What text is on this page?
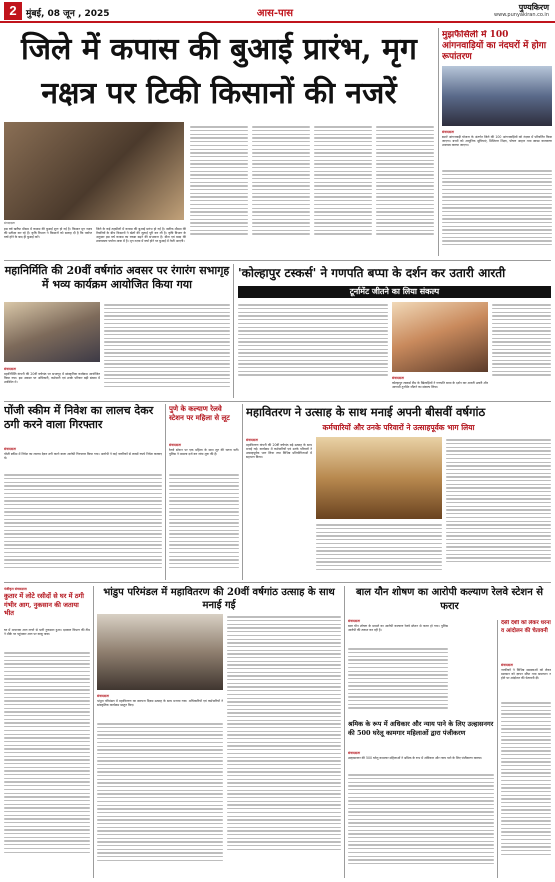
2	मुंबई, 08 जून , 2025	आस-पास
पुण्यकिरण
www.punyakiran.co.in
जिले में कपास की बुआई प्रारंभ, मृग
नक्षत्र पर टिकी किसानों की नजरें
संवाददाता
इस वर्ष खरीफ मौसम में कपास की बुआई शुरू हो गई है। किसान मृग नक्षत्र की प्रतीक्षा कर रहे हैं। कृषि विभाग ने किसानों को सलाह दी है कि पर्याप्त वर्षा होने के बाद ही बुआई करें।
जिले के कई तहसीलों में कपास की बुआई प्रारंभ हो गई है। खरीफ मौसम की तैयारियों के बीच किसानों ने खेतों की जुताई पूरी कर ली है। कृषि विभाग के अनुसार इस वर्ष कपास का रकबा बढ़ने की संभावना है। बीज एवं खाद की उपलब्धता पर्याप्त मात्रा में है। मृग नक्षत्र में वर्षा होने पर बुआई में तेजी आएगी।
मुझफैसिली में 100 आंगनवाड़ियों का नंदघरों में होगा रूपांतरण
संवाददाता
स्मार्ट आंगनवाड़ी योजना के अंतर्गत जिले की 100 आंगनवाड़ियों को नंदघर में परिवर्तित किया जाएगा। बच्चों को आधुनिक सुविधाएं, डिजिटल शिक्षा, पोषण आहार तथा स्वच्छ वातावरण उपलब्ध कराया जाएगा।
महानिर्मिति की 20वीं वर्षगांठ अवसर पर रंगारंग सभागृह में भव्य कार्यक्रम आयोजित किया गया
संवाददाता
महानिर्मिति कंपनी की 20वीं वर्षगांठ पर सभागृह में सांस्कृतिक कार्यक्रम आयोजित किया गया। इस अवसर पर अधिकारी, कर्मचारी एवं उनके परिवार बड़ी संख्या में उपस्थित थे।
'कोल्हापुर टस्कर्स' ने गणपति बप्पा के दर्शन कर उतारी आरती
टूर्नामेंट जीतने का लिया संकल्प
संवाददाता
कोल्हापुर टस्कर्स टीम के खिलाड़ियों ने गणपति बप्पा के दर्शन कर आरती उतारी और आगामी टूर्नामेंट जीतने का संकल्प लिया।
पोंजी स्कीम में निवेश का लालच देकर ठगी करने वाला गिरफ्तार
संवाददाता
पोंजी स्कीम में निवेश का लालच देकर ठगी करने वाला आरोपी गिरफ्तार किया गया। आरोपी ने कई नागरिकों से लाखों रुपये निवेश करवाए थे।
पुणे के कल्याण रेलवे स्टेशन पर महिला से लूट
संवाददाता
रेलवे स्टेशन पर एक महिला के साथ लूट की घटना घटी। पुलिस ने मामला दर्ज कर जांच शुरू की है।
महावितरण ने उत्साह के साथ मनाई अपनी बीसवीं वर्षगांठ
कर्मचारियों और उनके परिवारों ने उत्साहपूर्वक भाग लिया
संवाददाता
महावितरण कंपनी की 20वीं वर्षगांठ बड़े उत्साह के साथ मनाई गई। कार्यक्रम में कर्मचारियों एवं उनके परिवारों ने उत्साहपूर्वक भाग लिया तथा विभिन्न प्रतियोगिताओं में सहभाग किया।
पंजीकृत संवाददाता
कुतार में लोटे रसीदों से घर में ठगी गंभीर आग, नुकसान की जताया भीत
घर में अचानक आग लगने से भारी नुकसान हुआ। दमकल विभाग की टीम ने मौके पर पहुंचकर आग पर काबू पाया।
भांडुप परिमंडल में महावितरण की 20वीं वर्षगांठ उत्साह के साथ मनाई गई
संवाददाता
भांडुप परिमंडल में महावितरण का स्थापना दिवस उत्साह के साथ मनाया गया। अधिकारियों एवं कर्मचारियों ने सांस्कृतिक कार्यक्रम प्रस्तुत किए।
बाल यौन शोषण का आरोपी कल्याण रेलवे स्टेशन से फरार
संवाददाता
बाल यौन शोषण के मामले का आरोपी कल्याण रेलवे स्टेशन से फरार हो गया। पुलिस आरोपी की तलाश कर रही है।
श्रमिक के रूप में अधिकार और न्याय पाने के लिए उल्हासनगर की 500 घरेलू कामगार महिलाओं द्वारा पंजीकरण
संवाददाता
उल्हासनगर की 500 घरेलू कामगार महिलाओं ने श्रमिक के रूप में अधिकार और न्याय पाने के लिए पंजीकरण कराया।
देसी देशी को लेकर धरना व आंदोलन की चेतावनी
संवाददाता
नागरिकों ने विभिन्न समस्याओं को लेकर प्रशासन को ज्ञापन सौंपा तथा समाधान न होने पर आंदोलन की चेतावनी दी।
